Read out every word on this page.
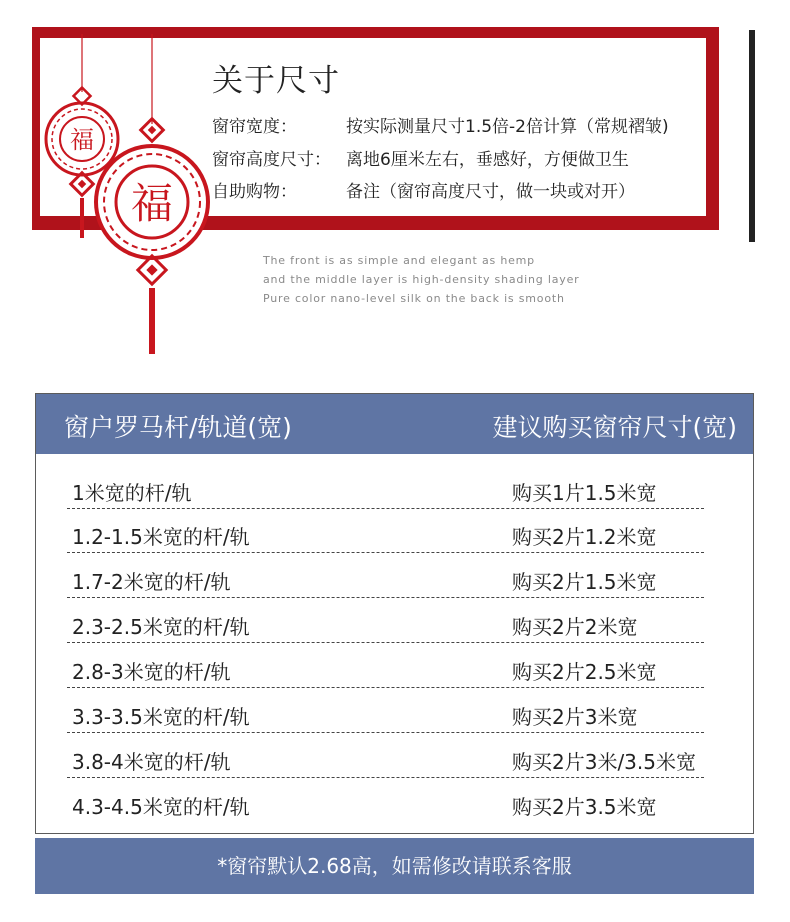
福
福
关于尺寸
窗帘宽度：	按实际测量尺寸1.5倍-2倍计算（常规褶皱)
窗帘高度尺寸： 离地6厘米左右，垂感好，方便做卫生
自助购物：	备注（窗帘高度尺寸，做一块或对开）
The front is as simple and elegant as hemp
and the middle layer is high-density shading layer
Pure color nano-level silk on the back is smooth
窗户罗马杆/轨道(宽)	建议购买窗帘尺寸(宽)
1米宽的杆/轨	购买1片1.5米宽
1.2-1.5米宽的杆/轨	购买2片1.2米宽
1.7-2米宽的杆/轨	购买2片1.5米宽
2.3-2.5米宽的杆/轨	购买2片2米宽
2.8-3米宽的杆/轨	购买2片2.5米宽
3.3-3.5米宽的杆/轨	购买2片3米宽
3.8-4米宽的杆/轨	购买2片3米/3.5米宽
4.3-4.5米宽的杆/轨	购买2片3.5米宽
*窗帘默认2.68高，如需修改请联系客服
